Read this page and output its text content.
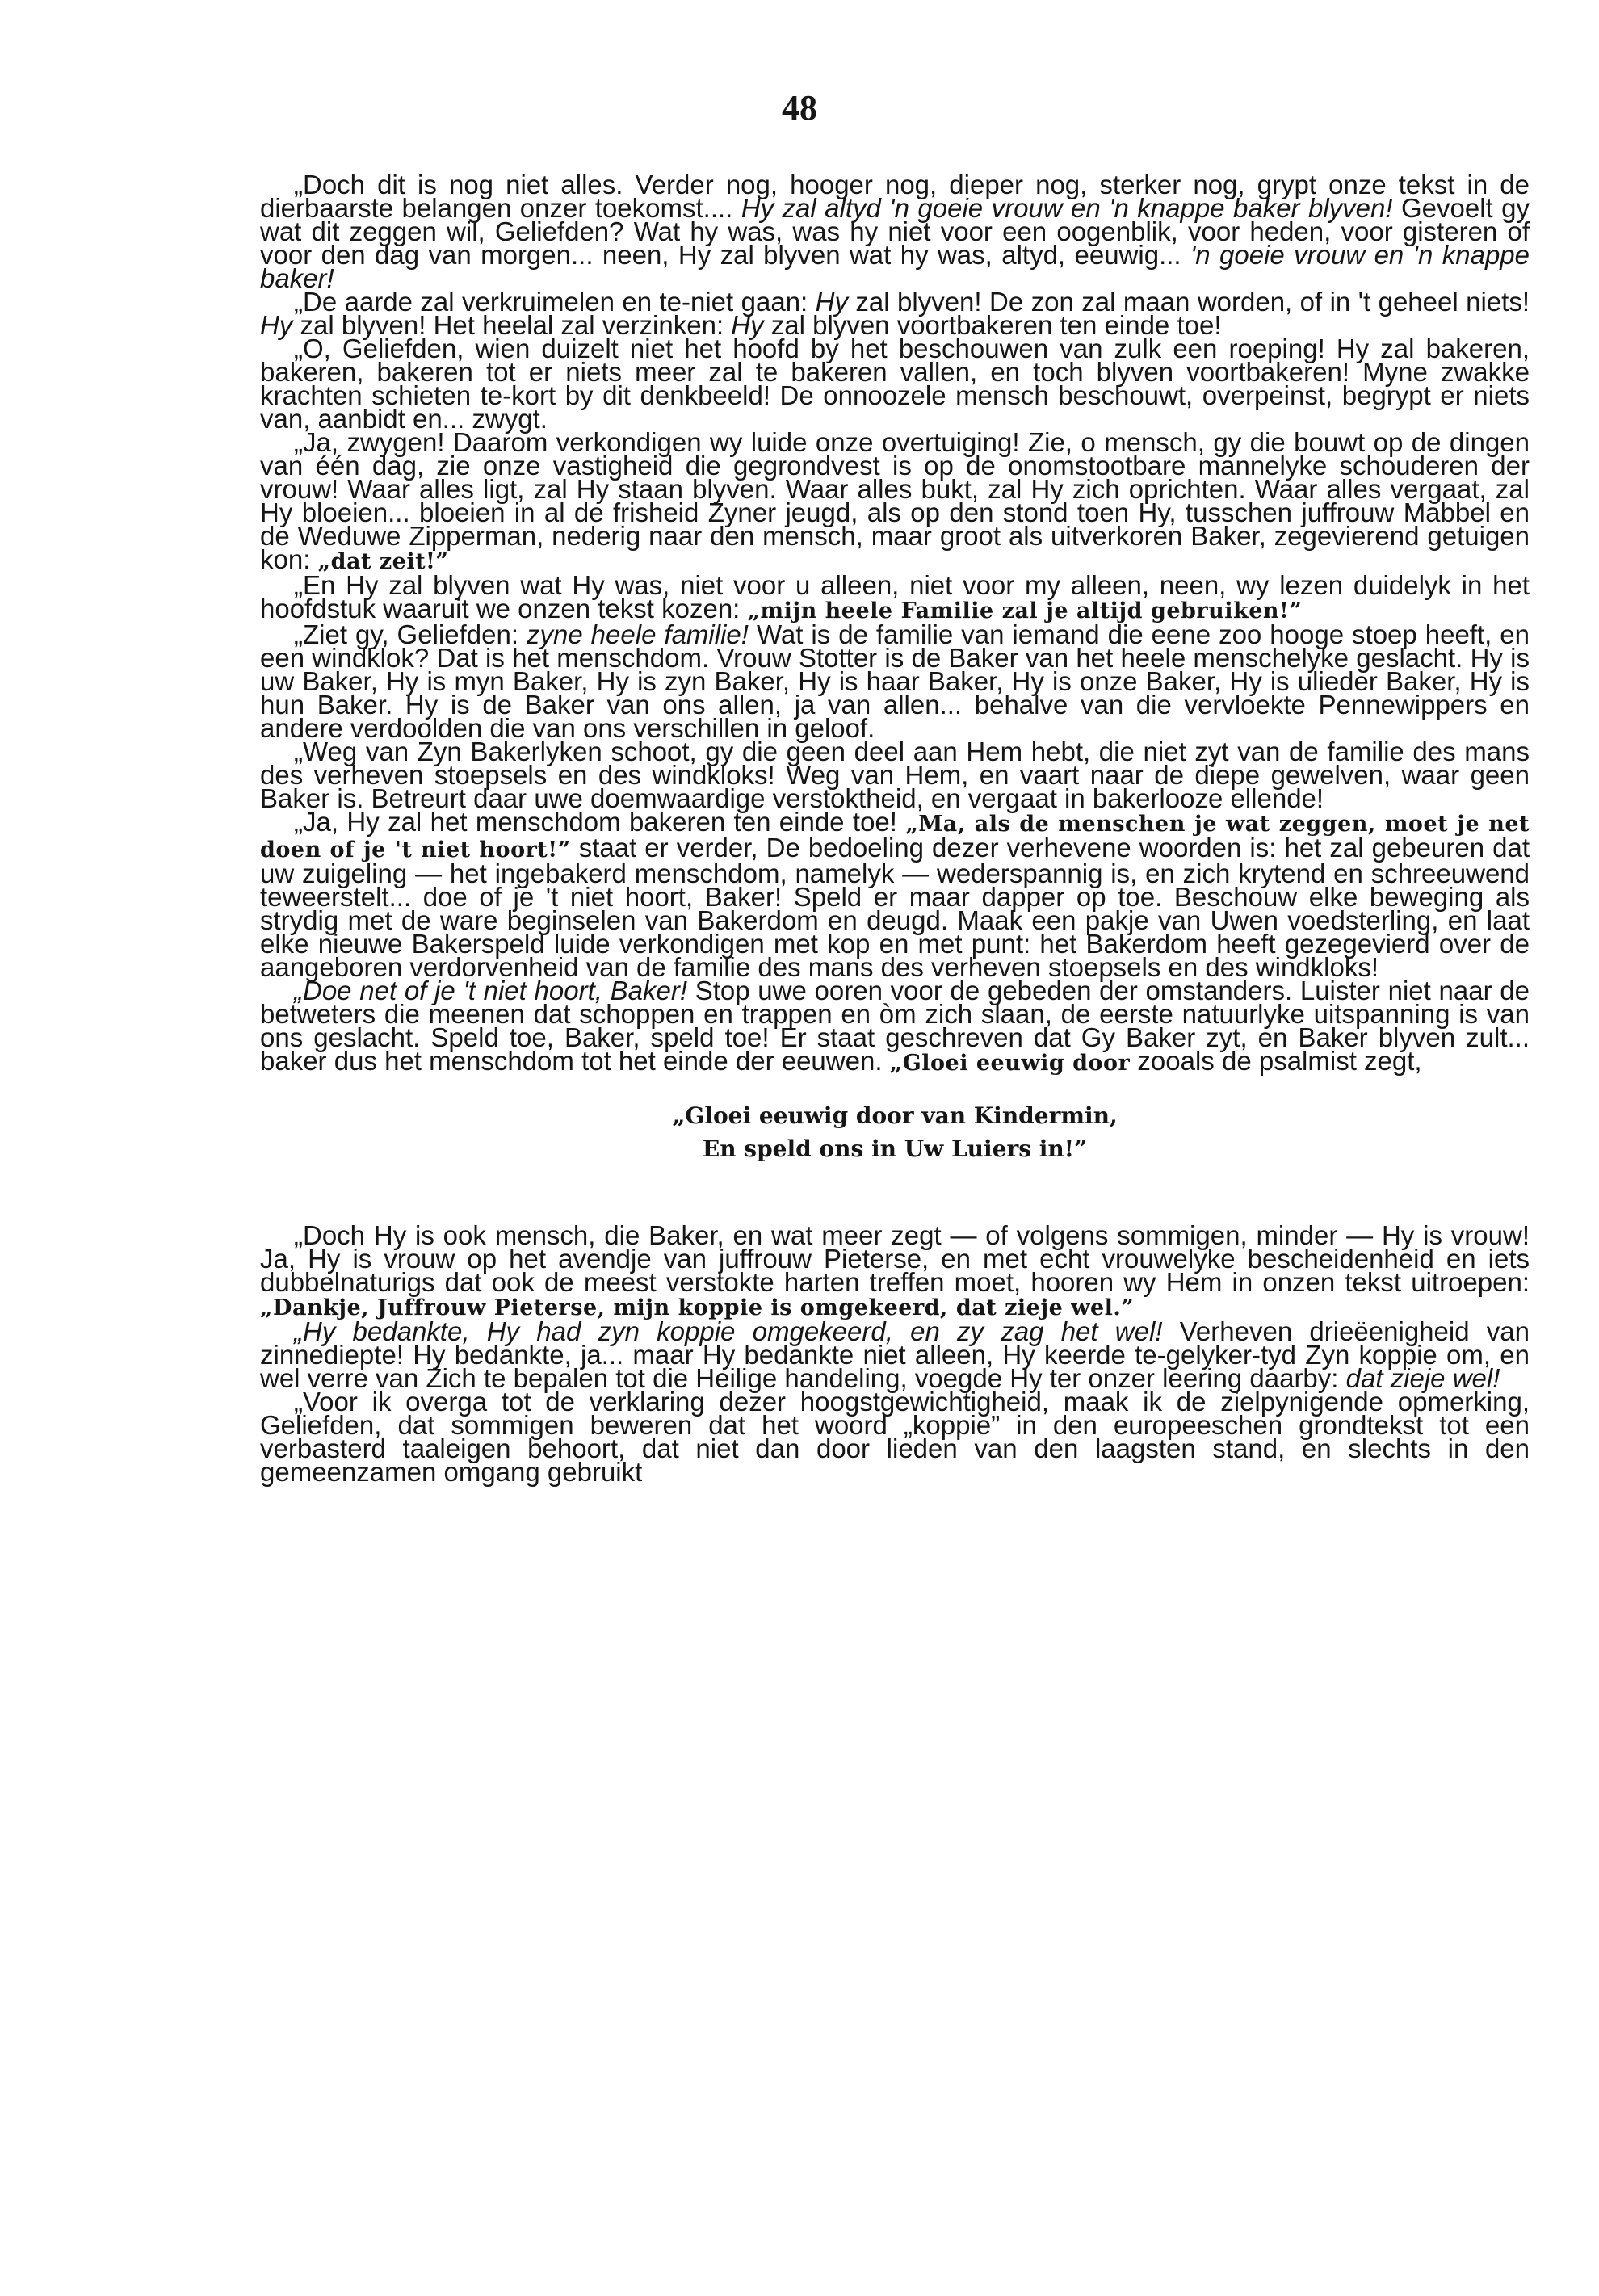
48

„Doch dit is nog niet alles. Verder nog, hooger nog, dieper nog, sterker nog, grypt onze tekst in de dierbaarste belangen onzer toekomst.... Hy zal altyd 'n goeie vrouw en 'n knappe baker blyven! Gevoelt gy wat dit zeggen wil, Geliefden? Wat hy was, was hy niet voor een oogenblik, voor heden, voor gisteren of voor den dag van morgen... neen, Hy zal blyven wat hy was, altyd, eeuwig... 'n goeie vrouw en 'n knappe baker!

„De aarde zal verkruimelen en te-niet gaan: Hy zal blyven! De zon zal maan worden, of in 't geheel niets! Hy zal blyven! Het heelal zal verzinken: Hy zal blyven voortbakeren ten einde toe!

„O, Geliefden, wien duizelt niet het hoofd by het beschouwen van zulk een roeping! Hy zal bakeren, bakeren, bakeren tot er niets meer zal te bakeren vallen, en toch blyven voortbakeren! Myne zwakke krachten schieten te-kort by dit denkbeeld! De onnoozele mensch beschouwt, overpeinst, begrypt er niets van, aanbidt en... zwygt.

„Ja, zwygen! Daarom verkondigen wy luide onze overtuiging! Zie, o mensch, gy die bouwt op de dingen van één dag, zie onze vastigheid die gegrondvest is op de onomstootbare mannelyke schouderen der vrouw! Waar alles ligt, zal Hy staan blyven. Waar alles bukt, zal Hy zich oprichten. Waar alles vergaat, zal Hy bloeien... bloeien in al de frisheid Zyner jeugd, als op den stond toen Hy, tusschen juffrouw Mabbel en de Weduwe Zipperman, nederig naar den mensch, maar groot als uitverkoren Baker, zegevierend getuigen kon: „dat zeit!”

„En Hy zal blyven wat Hy was, niet voor u alleen, niet voor my alleen, neen, wy lezen duidelyk in het hoofdstuk waaruit we onzen tekst kozen: „mijn heele Familie zal je altijd gebruiken!”

„Ziet gy, Geliefden: zyne heele familie! Wat is de familie van iemand die eene zoo hooge stoep heeft, en een windklok? Dat is het menschdom. Vrouw Stotter is de Baker van het heele menschelyke geslacht. Hy is uw Baker, Hy is myn Baker, Hy is zyn Baker, Hy is haar Baker, Hy is onze Baker, Hy is ulieder Baker, Hy is hun Baker. Hy is de Baker van ons allen, ja van allen... behalve van die vervloekte Pennewippers en andere verdoolden die van ons verschillen in geloof.

„Weg van Zyn Bakerlyken schoot, gy die geen deel aan Hem hebt, die niet zyt van de familie des mans des verheven stoepsels en des windkloks! Weg van Hem, en vaart naar de diepe gewelven, waar geen Baker is. Betreurt daar uwe doemwaardige verstoktheid, en vergaat in bakerlooze ellende!

„Ja, Hy zal het menschdom bakeren ten einde toe! „Ma, als de menschen je wat zeggen, moet je net doen of je 't niet hoort!” staat er verder, De bedoeling dezer verhevene woorden is: het zal gebeuren dat uw zuigeling — het ingebakerd menschdom, namelyk — wederspannig is, en zich krytend en schreeuwend teweerstelt... doe of je 't niet hoort, Baker! Speld er maar dapper op toe. Beschouw elke beweging als strydig met de ware beginselen van Bakerdom en deugd. Maak een pakje van Uwen voedsterling, en laat elke nieuwe Bakerspeld luide verkondigen met kop en met punt: het Bakerdom heeft gezegevierd over de aangeboren verdorvenheid van de familie des mans des verheven stoepsels en des windkloks!

„Doe net of je 't niet hoort, Baker! Stop uwe ooren voor de gebeden der omstanders. Luister niet naar de betweters die meenen dat schoppen en trappen en òm zich slaan, de eerste natuurlyke uitspanning is van ons geslacht. Speld toe, Baker, speld toe! Er staat geschreven dat Gy Baker zyt, en Baker blyven zult... baker dus het menschdom tot het einde der eeuwen. „Gloei eeuwig door zooals de psalmist zegt,

„Gloei eeuwig door van Kindermin,
En speld ons in Uw Luiers in!”

„Doch Hy is ook mensch, die Baker, en wat meer zegt — of volgens sommigen, minder — Hy is vrouw! Ja, Hy is vrouw op het avendje van juffrouw Pieterse, en met echt vrouwelyke bescheidenheid en iets dubbelnaturigs dat ook de meest verstokte harten treffen moet, hooren wy Hem in onzen tekst uitroepen: „Dankje, Juffrouw Pieterse, mijn koppie is omgekeerd, dat zieje wel.”

„Hy bedankte, Hy had zyn koppie omgekeerd, en zy zag het wel! Verheven drieëenigheid van zinnediepte! Hy bedankte, ja... maar Hy bedankte niet alleen, Hy keerde te-gelyker-tyd Zyn koppie om, en wel verre van Zich te bepalen tot die Heilige handeling, voegde Hy ter onzer leering daarby: dat zieje wel!

„Voor ik overga tot de verklaring dezer hoogstgewichtigheid, maak ik de zielpynigende opmerking, Geliefden, dat sommigen beweren dat het woord „koppie” in den europeeschen grondtekst tot een verbasterd taaleigen behoort, dat niet dan door lieden van den laagsten stand, en slechts in den gemeenzamen omgang gebruikt
